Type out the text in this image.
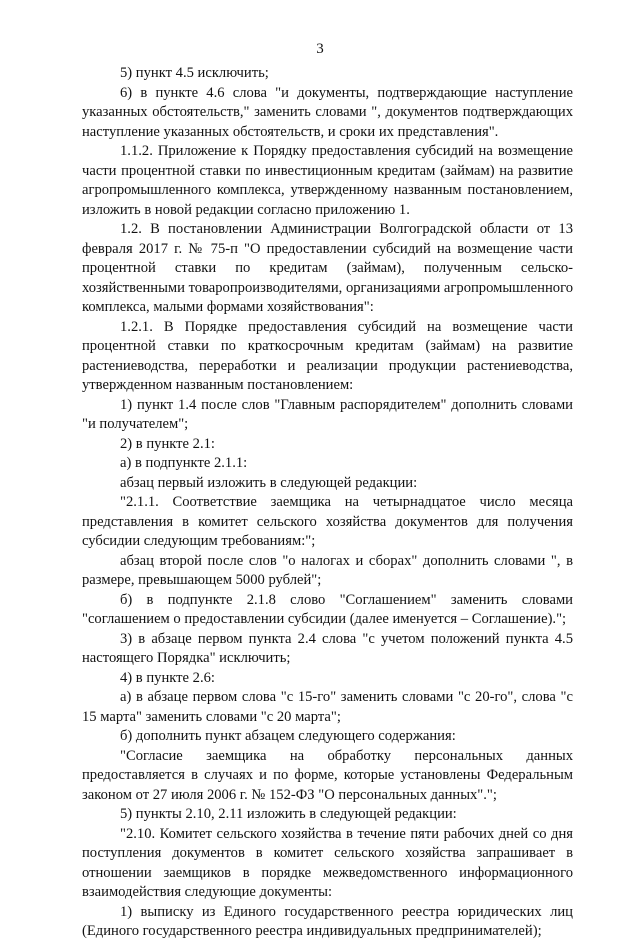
3

5) пункт 4.5 исключить;

6) в пункте 4.6 слова "и документы, подтверждающие наступление указанных обстоятельств," заменить словами ", документов подтверждающих наступление указанных обстоятельств, и сроки их представления".

1.1.2. Приложение к Порядку предоставления субсидий на возмещение части процентной ставки по инвестиционным кредитам (займам) на развитие агропромышленного комплекса, утвержденному названным постановлением, изложить в новой редакции согласно приложению 1.

1.2. В постановлении Администрации Волгоградской области от 13 февраля 2017 г. № 75-п "О предоставлении субсидий на возмещение части процентной ставки по кредитам (займам), полученным сельско-хозяйственными товаропроизводителями, организациями агропромышленного комплекса, малыми формами хозяйствования":

1.2.1. В Порядке предоставления субсидий на возмещение части процентной ставки по краткосрочным кредитам (займам) на развитие растениеводства, переработки и реализации продукции растениеводства, утвержденном названным постановлением:

1) пункт 1.4 после слов "Главным распорядителем" дополнить словами "и получателем";

2) в пункте 2.1:

а) в подпункте 2.1.1:

абзац первый изложить в следующей редакции:

"2.1.1. Соответствие заемщика на четырнадцатое число месяца представления в комитет сельского хозяйства документов для получения субсидии следующим требованиям:";

абзац второй после слов "о налогах и сборах" дополнить словами ", в размере, превышающем 5000 рублей";

б) в подпункте 2.1.8 слово "Соглашением" заменить словами "соглашением о предоставлении субсидии (далее именуется – Соглашение).";

3) в абзаце первом пункта 2.4 слова "с учетом положений пункта 4.5 настоящего Порядка" исключить;

4) в пункте 2.6:

а) в абзаце первом слова "с 15-го" заменить словами "с 20-го", слова "с 15 марта" заменить словами "с 20 марта";

б) дополнить пункт абзацем следующего содержания:

"Согласие заемщика на обработку персональных данных предоставляется в случаях и по форме, которые установлены Федеральным законом от 27 июля 2006 г. № 152-ФЗ "О персональных данных".";

5) пункты 2.10, 2.11 изложить в следующей редакции:

"2.10. Комитет сельского хозяйства в течение пяти рабочих дней со дня поступления документов в комитет сельского хозяйства запрашивает в отношении заемщиков в порядке межведомственного информационного взаимодействия следующие документы:

1) выписку из Единого государственного реестра юридических лиц (Единого государственного реестра индивидуальных предпринимателей);
